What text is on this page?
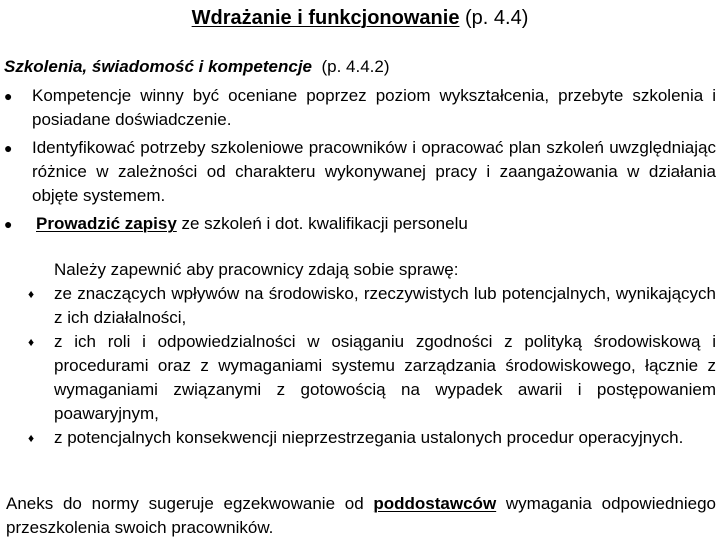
Wdrażanie i funkcjonowanie (p. 4.4)
Szkolenia, świadomość i kompetencje (p. 4.4.2)
● Kompetencje winny być oceniane poprzez poziom wykształcenia, przebyte szkolenia i posiadane doświadczenie.
● Identyfikować potrzeby szkoleniowe pracowników i opracować plan szkoleń uwzględniając różnice w zależności od charakteru wykonywanej pracy i zaangażowania w działania objęte systemem.
● Prowadzić zapisy ze szkoleń i dot. kwalifikacji personelu
Należy zapewnić aby pracownicy zdają sobie sprawę:
♦ ze znaczących wpływów na środowisko, rzeczywistych lub potencjalnych, wynikających z ich działalności,
♦ z ich roli i odpowiedzialności w osiąganiu zgodności z polityką środowiskową i procedurami oraz z wymaganiami systemu zarządzania środowiskowego, łącznie z wymaganiami związanymi z gotowością na wypadek awarii i postępowaniem poawaryjnym,
♦ z potencjalnych konsekwencji nieprzestrzegania ustalonych procedur operacyjnych.
Aneks do normy sugeruje egzekwowanie od poddostawców wymagania odpowiedniego przeszkolenia swoich pracowników.
